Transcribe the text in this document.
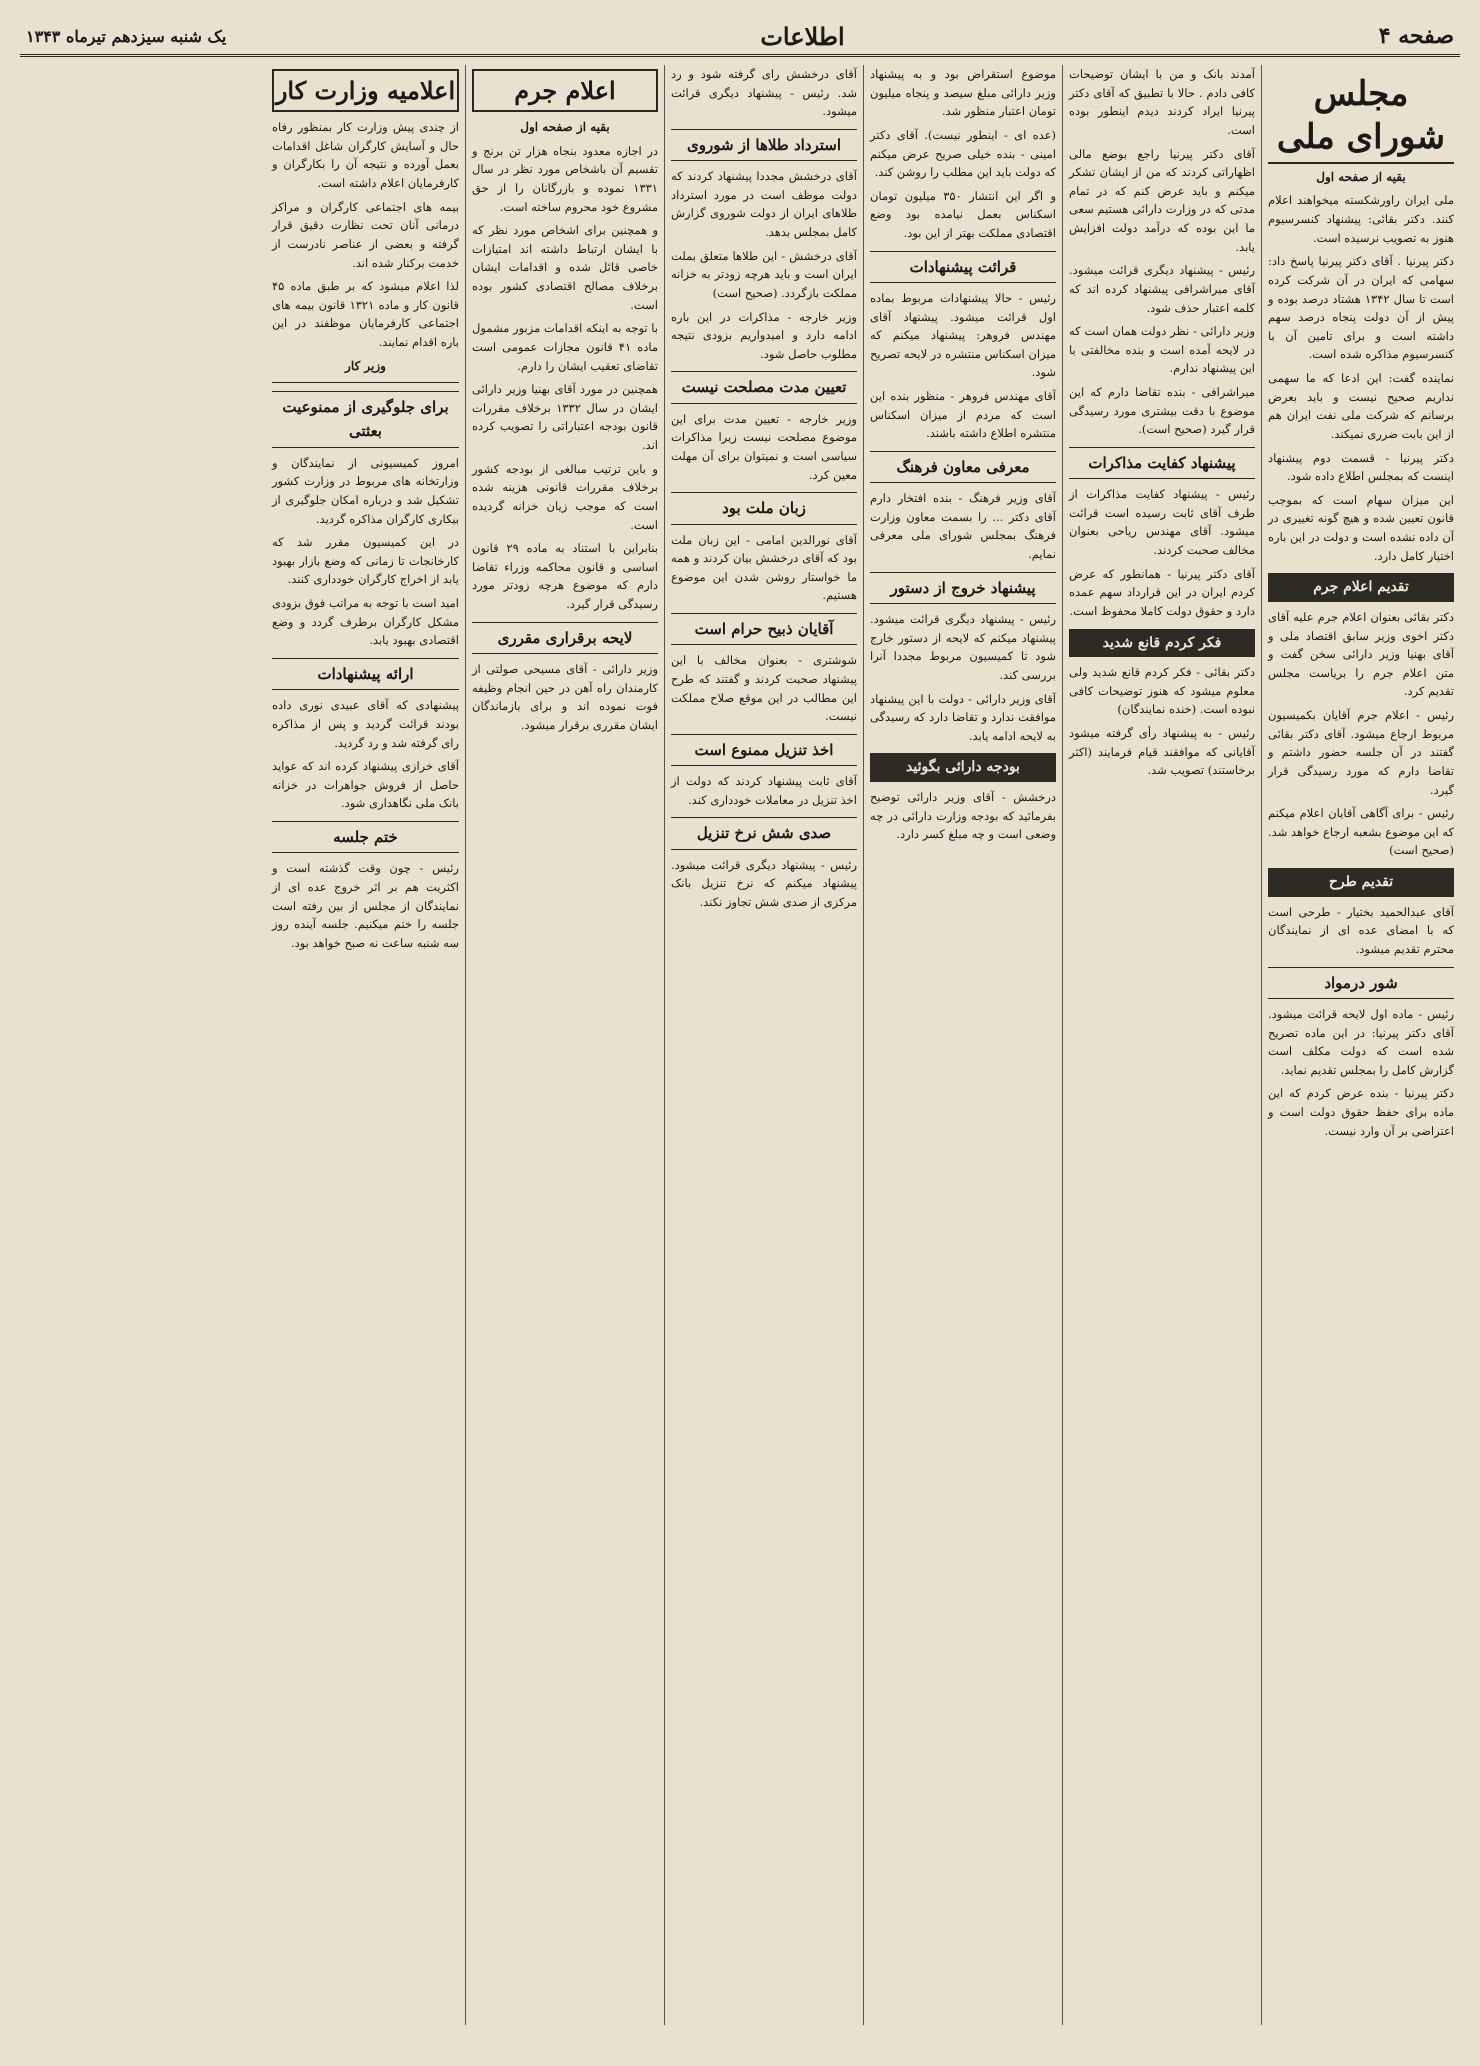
صفحه ۴
اطلاعات
یک شنبه سیزدهم تیرماه ۱۳۴۳
مجلس شورای ملی
بقیه از صفحه اول

ملی ایران راورشکسته میخواهند اعلام کنند. دکتر بقائی: پیشنهاد کنسرسیوم هنوز به تصویب نرسیده است.

دکتر پیرنیا . آقای دکتر پیرنیا پاسخ داد: سهامی که ایران در آن شرکت کرده است تا سال ۱۳۴۲ هشتاد درصد بوده و پیش از آن دولت پنجاه درصد سهم داشته است و برای تامین آن با کنسرسیوم مذاکره شده است.

نماینده گفت: این ادعا که ما سهمی نداریم صحیح نیست و باید بعرض برسانم که شرکت ملی نفت ایران هم از این بابت ضرری نمیکند.

دکتر پیرنیا - قسمت دوم پیشنهاد اینست که بمجلس اطلاع داده شود.

این میزان سهام است که بموجب قانون تعیین شده و هیچ گونه تغییری در آن داده نشده است و دولت در این باره اختیار کامل دارد.

تقدیم اعلام جرم

دکتر بقائی بعنوان اعلام جرم علیه آقای دکتر اخوی وزیر سابق اقتصاد ملی و آقای بهنیا وزیر دارائی سخن گفت و متن اعلام جرم را بریاست مجلس تقدیم کرد.

رئیس - اعلام جرم آقایان بکمیسیون مربوط ارجاع میشود. آقای دکتر بقائی گفتند در آن جلسه حضور داشتم و تقاضا دارم که مورد رسیدگی قرار گیرد.

رئیس - برای آگاهی آقایان اعلام میکنم که این موضوع بشعبه ارجاع خواهد شد. (صحیح است)

تقدیم طرح

آقای عبدالحمید بختیار - طرحی است که با امضای عده ای از نمایندگان محترم تقدیم میشود.

شور درمواد

رئیس - ماده اول لایحه قرائت میشود. آقای دکتر پیرنیا: در این ماده تصریح شده است که دولت مکلف است گزارش کامل را بمجلس تقدیم نماید.

دکتر پیرنیا - بنده عرض کردم که این ماده برای حفظ حقوق دولت است و اعتراضی بر آن وارد نیست.

آمدند بانک و من با ایشان توضیحات کافی دادم . حالا با تطبیق که آقای دکتر پیرنیا ایراد کردند دیدم اینطور بوده است.

آقای دکتر پیرنیا راجع بوضع مالی اظهاراتی کردند که من از ایشان تشکر میکنم و باید عرض کنم که در تمام مدتی که در وزارت دارائی هستیم سعی ما این بوده که درآمد دولت افزایش یابد.

رئیس - پیشنهاد دیگری قرائت میشود. آقای میراشرافی پیشنهاد کرده اند که کلمه اعتبار حذف شود.

وزیر دارائی - نظر دولت همان است که در لایحه آمده است و بنده مخالفتی با این پیشنهاد ندارم.

میراشرافی - بنده تقاضا دارم که این موضوع با دقت بیشتری مورد رسیدگی قرار گیرد (صحیح است).

پیشنهاد کفایت مذاکرات

رئیس - پیشنهاد کفایت مذاکرات از طرف آقای ثابت رسیده است قرائت میشود. آقای مهندس ریاحی بعنوان مخالف صحبت کردند.

آقای دکتر پیرنیا - همانطور که عرض کردم ایران در این قرارداد سهم عمده دارد و حقوق دولت کاملا محفوظ است.

فکر کردم قانع شدید

دکتر بقائی - فکر کردم قانع شدید ولی معلوم میشود که هنوز توضیحات کافی نبوده است. (خنده نمایندگان)

رئیس - به پیشنهاد رأی گرفته میشود آقایانی که موافقند قیام فرمایند (اکثر برخاستند) تصویب شد.

موضوع استقراض بود و به پیشنهاد وزیر دارائی مبلغ سیصد و پنجاه میلیون تومان اعتبار منظور شد.

(عده ای - اینطور نیست). آقای دکتر امینی - بنده خیلی صریح عرض میکنم که دولت باید این مطلب را روشن کند.

و اگر این انتشار ۳۵۰ میلیون تومان اسکناس بعمل نیامده بود وضع اقتصادی مملکت بهتر از این بود.

قرائت پیشنهادات

رئیس - حالا پیشنهادات مربوط بماده اول قرائت میشود. پیشنهاد آقای مهندس فروهر: پیشنهاد میکنم که میزان اسکناس منتشره در لایحه تصریح شود.

آقای مهندس فروهر - منظور بنده این است که مردم از میزان اسکناس منتشره اطلاع داشته باشند.

معرفی معاون فرهنگ

آقای وزیر فرهنگ - بنده افتخار دارم آقای دکتر ... را بسمت معاون وزارت فرهنگ بمجلس شورای ملی معرفی نمایم.

پیشنهاد خروج از دستور

رئیس - پیشنهاد دیگری قرائت میشود. پیشنهاد میکنم که لایحه از دستور خارج شود تا کمیسیون مربوط مجددا آنرا بررسی کند.

آقای وزیر دارائی - دولت با این پیشنهاد موافقت ندارد و تقاضا دارد که رسیدگی به لایحه ادامه یابد.

بودجه دارائی بگوئید

درخشش - آقای وزیر دارائی توضیح بفرمائید که بودجه وزارت دارائی در چه وضعی است و چه مبلغ کسر دارد.

آقای درخشش رای گرفته شود و رد شد. رئیس - پیشنهاد دیگری قرائت میشود.

استرداد طلاها از شوروی

آقای درخشش مجددا پیشنهاد کردند که دولت موظف است در مورد استرداد طلاهای ایران از دولت شوروی گزارش کامل بمجلس بدهد.

آقای درخشش - این طلاها متعلق بملت ایران است و باید هرچه زودتر به خزانه مملکت بازگردد. (صحیح است)

وزیر خارجه - مذاکرات در این باره ادامه دارد و امیدواریم بزودی نتیجه مطلوب حاصل شود.

تعیین مدت مصلحت نیست

وزیر خارجه - تعیین مدت برای این موضوع مصلحت نیست زیرا مذاکرات سیاسی است و نمیتوان برای آن مهلت معین کرد.

زبان ملت بود

آقای نورالدین امامی - این زبان ملت بود که آقای درخشش بیان کردند و همه ما خواستار روشن شدن این موضوع هستیم.

آقایان ذبیح حرام است

شوشتری - بعنوان مخالف با این پیشنهاد صحبت کردند و گفتند که طرح این مطالب در این موقع صلاح مملکت نیست.

اخذ تنزیل ممنوع است

آقای ثابت پیشنهاد کردند که دولت از اخذ تنزیل در معاملات خودداری کند.

صدی شش نرخ تنزیل

رئیس - پیشنهاد دیگری قرائت میشود. پیشنهاد میکنم که نرخ تنزیل بانک مرکزی از صدی شش تجاوز نکند.

اعلام جرم
بقیه از صفحه اول

در اجازه معدود بنجاه هزار تن برنج و تقسیم آن باشخاص مورد نظر در سال ۱۳۳۱ نموده و بازرگانان را از حق مشروع خود محروم ساخته است.

و همچنین برای اشخاص مورد نظر که با ایشان ارتباط داشته اند امتیازات خاصی قائل شده و اقدامات ایشان برخلاف مصالح اقتصادی کشور بوده است.

با توجه به اینکه اقدامات مزبور مشمول ماده ۴۱ قانون مجازات عمومی است تقاضای تعقیب ایشان را دارم.

همچنین در مورد آقای بهنیا وزیر دارائی ایشان در سال ۱۳۳۲ برخلاف مقررات قانون بودجه اعتباراتی را تصویب کرده اند.

و باین ترتیب مبالغی از بودجه کشور برخلاف مقررات قانونی هزینه شده است که موجب زیان خزانه گردیده است.

بنابراین با استناد به ماده ۲۹ قانون اساسی و قانون محاکمه وزراء تقاضا دارم که موضوع هرچه زودتر مورد رسیدگی قرار گیرد.

لایحه برقراری مقرری

وزیر دارائی - آقای مسیحی صولتی از کارمندان راه آهن در حین انجام وظیفه فوت نموده اند و برای بازماندگان ایشان مقرری برقرار میشود.

اعلامیه وزارت کار

از چندی پیش وزارت کار بمنظور رفاه حال و آسایش کارگران شاغل اقدامات بعمل آورده و نتیجه آن را بکارگران و کارفرمایان اعلام داشته است.

بیمه های اجتماعی کارگران و مراکز درمانی آنان تحت نظارت دقیق قرار گرفته و بعضی از عناصر نادرست از خدمت برکنار شده اند.

لذا اعلام میشود که بر طبق ماده ۴۵ قانون کار و ماده ۱۳۲۱ قانون بیمه های اجتماعی کارفرمایان موظفند در این باره اقدام نمایند.

وزیر کار
برای جلوگیری از ممنوعیت بعثتی

امروز کمیسیونی از نمایندگان و وزارتخانه های مربوط در وزارت کشور تشکیل شد و درباره امکان جلوگیری از بیکاری کارگران مذاکره گردید.

در این کمیسیون مقرر شد که کارخانجات تا زمانی که وضع بازار بهبود یابد از اخراج کارگران خودداری کنند.

امید است با توجه به مراتب فوق بزودی مشکل کارگران برطرف گردد و وضع اقتصادی بهبود یابد.

ارائه پیشنهادات

پیشنهادی که آقای عبیدی نوری داده بودند قرائت گردید و پس از مذاکره رای گرفته شد و رد گردید.

آقای خرازی پیشنهاد کرده اند که عواید حاصل از فروش جواهرات در خزانه بانک ملی نگاهداری شود.

ختم جلسه

رئیس - چون وقت گذشته است و اکثریت هم بر اثر خروج عده ای از نمایندگان از مجلس از بین رفته است جلسه را ختم میکنیم. جلسه آینده روز سه شنبه ساعت نه صبح خواهد بود.
